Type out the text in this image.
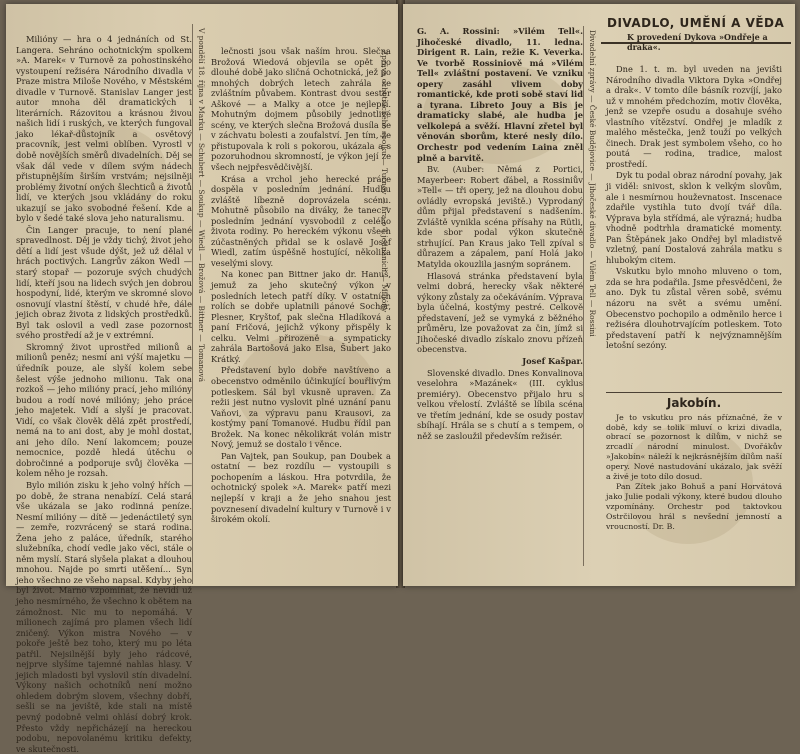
Milióny — hra o 4 jednáních od St. Langera. Sehráno ochotnickým spolkem »A. Marek« v Turnově za pohostinského vystoupení režiséra Národního divadla v Praze mistra Miloše Nového, v Městském divadle v Turnově. Stanislav Langer jest autor mnoha děl dramatických i literárních. Rázovitou a krásnou živou našich lidí i ruských, ve kterých fungoval jako lékař-důstojník a osvětový pracovník, jest velmi oblíben. Vyrostl v době novějších směrů divadelních. Děj se však dál vede v dílem svým nádech přistupnějším širším vrstvám; nejsilněji problémy životní oných šlechticů a životů lidí, ve kterých jsou vkládány do roku ukazují se jako svobodné řešení. Kde a bylo v šedé také slova jeho naturalismu.

Čin Langer pracuje, to není plané spravedlnost. Děj je vždy tichý, život jeho dětí a lidí jest všude dýšt, jež už dělal v hrách poctivých. Langrův zákon Wedl — starý stopař — pozoruje svých chudých lidí, kteří jsou na lidech svých jen dobrou hospodyní, lidé, kterým ve skromné slovo osnovují vlastní štěstí, v chudé hře, dále jejich obraz života z lidských prostředků. Byl tak oslovil a vedl zase pozornost svého prostředí až je v extrémní.

Skromný život uprostřed milionů a milionů peněz; nesmí ani výší majetku — úředník pouze, ale slyší kolem sebe šelest výše jednoho milionu. Tak ona rozkoš — jeho milióny prací, jeho milióny budou a rodí nové milióny; jeho práce jeho majetek. Vidí a slyší je pracovat. Vidí, co však člověk dělá zpět prostředí, nemá na to ani dost, aby je mohl dostat, ani jeho dílo. Není lakomcem; pouze nemocnice, pozdě hledá útěchu o dobročinné a podporuje svůj člověka — kolem něho je rozsah.

Bylo milión zisku k jeho volný hřích — po době, že strana nenabízí. Celá stará vše ukázala se jako rodinná peníze. Nesmí milióny — dítě — jedenáctiletý syn — zemře, rozvrácený se stará rodina. Žena jeho z paláce, úředník, starého služebníka, chodí vedle jako věci, stále o něm myslí. Stará slyšela plakat a dlouhou mnohou. Najde po smrti utěšení... Syn jeho všechno ze všeho napsal. Kdyby jeho byl život. Marno vzpomínat, že nevidí už jeho nesmírného, že všechno k obětem na zámožnost. Nic mu to nepomáhá. V milionech zajímá pro plamen všech lidí zničený. Výkon mistra Nového — v pokoře ještě bez toho, který mu po léta patřil. Nejsilnější byly jeho rádcové, nejprve slyšíme tajemné nahlas hlasy. V jejich mladosti byl vyslovil stín divadelní. Výkony našich ochotníků není možno ohledem dobrým slovem, všechny dobří, sešli se na jeviště, kde stali na místě pevný podobně velmi ohlásí dobrý krok. Přesto vždy nepřicházejí na hereckou podobu, nepovolanému kritiku defekty, ve skutečnosti.

V pondělí 18. října v Marku — Schubert — Soukup — Wiedl — Brožová — Bittner — Tomanová	lečnosti jsou však naším hrou. Slečna Brožová Wiedová objevila se opět po dlouhé době jako sličná Ochotnická, jež po mnohých dobrých letech zahrála se zvláštním půvabem. Kontrast dvou sester Aškové — a Malky a otce je nejlepší. Mohutným dojmem působily jednotlivé scény, ve kterých slečna Brožová dusíla se v záchvatu bolesti a zoufalství. Jen tím, že přistupovala k roli s pokorou, ukázala a s pozoruhodnou skromností, je výkon její ze všech nejpřesvědčivější.

Krása a vrchol jeho herecké práce dospěla v posledním jednání. Hudbu zvláště líbezně doprovázela scénu. Mohutně působilo na diváky, že tanec v posledním jednání vysvobodil z celého života rodiny. Po hereckém výkonu všech zúčastněných přidal se k oslavě Josef Wiedl, zatím úspěšně hostující, několika veselými slovy.

Na konec pan Bittner jako dr. Hanuš, jemuž za jeho skutečný výkon v posledních letech patří díky. V ostatních rolích se dobře uplatnili pánové Sochor, Plesner, Kryštof, pak slečna Hladíková a paní Fričová, jejichž výkony přispěly k celku. Velmi přirozeně a sympaticky zahrála Bartošová jako Elsa, Šubert jako Krátký.

Představení bylo dobře navštíveno a obecenstvo odměnilo účinkující bouřlivým potleskem. Sál byl vkusně upraven. Za režii jest nutno vyslovit plné uznání panu Vaňovi, za výpravu panu Krausovi, za kostýmy paní Tomanové. Hudbu řídil pan Brožek. Na konec několikrát volán mistr Nový, jemuž se dostalo i věnce.

Pan Vajtek, pan Soukup, pan Doubek a ostatní — bez rozdílu — vystoupili s pochopením a láskou. Hra potvrdila, že ochotnický spolek »A. Marek« patří mezi nejlepší v kraji a že jeho snahou jest povznesení divadelní kultury v Turnově i v širokém okolí.

Zpráva ochotnického spolku — Turnov — hra o 4 jednáních — Milióny

G. A. Rossini: »Vilém Tell«. Jihočeské divadlo, 11. ledna. Dirigent R. Lain, režie K. Veverka. Ve tvorbě Rossiniově má »Vilém Tell« zvláštní postavení. Ve vzniku opery zasáhl vlivem doby romantické, kde proti sobě staví lid a tyrana. Libreto Jouy a Bis je dramaticky slabé, ale hudba je velkolepá a svěží. Hlavní zřetel byl věnován sborům, které nesly dílo. Orchestr pod vedením Laina zněl plně a barvitě.

Bv. (Auber: Němá z Portici, Mayerbeer: Robert ďábel, a Rossiniův »Tell« — tři opery, jež na dlouhou dobu ovládly evropská jeviště.) Vyprodaný dům přijal představení s nadšením. Zvláště vynikla scéna přísahy na Rütli, kde sbor podal výkon skutečně strhující. Pan Kraus jako Tell zpíval s důrazem a zápalem, paní Holá jako Matylda okouzlila jasným sopránem.

Hlasová stránka představení byla velmi dobrá, herecky však některé výkony zůstaly za očekáváním. Výprava byla účelná, kostýmy pestré. Celkově představení, jež se vymyká z běžného průměru, lze považovat za čin, jímž si Jihočeské divadlo získalo znovu přízeň obecenstva.

Josef Kašpar.

Slovenské divadlo. Dnes Konvalinova veselohra »Mazánek« (III. cyklus premiéry). Obecenstvo přijalo hru s velkou vřelostí. Zvláště se líbila scéna ve třetím jednání, kde se osudy postav sbíhají. Hrála se s chutí a s tempem, o něž se zasloužil především režisér.

Divadelní zprávy — České Budějovice — Jihočeské divadlo — Vilém Tell — Rossini
DIVADLO, UMĚNÍ A VĚDA
K provedení Dykova »Ondřeje a draka«.

Dne 1. t. m. byl uveden na jevišti Národního divadla Viktora Dyka »Ondřej a drak«. V tomto díle básník rozvíjí, jako už v mnohém předchozím, motiv člověka, jenž se vzepře osudu a dosahuje svého vlastního vítězství. Ondřej je mladík z malého městečka, jenž touží po velkých činech. Drak jest symbolem všeho, co ho poutá — rodina, tradice, malost prostředí.

Dyk tu podal obraz národní povahy, jak ji viděl: snivost, sklon k velkým slovům, ale i nesmírnou houževnatost. Inscenace zdařile vystihla tuto dvojí tvář díla. Výprava byla střídmá, ale výrazná; hudba vhodně podtrhla dramatické momenty. Pan Štěpánek jako Ondřej byl mladistvě vzletný, paní Dostalová zahrála matku s hlubokým citem.

Vskutku bylo mnoho mluveno o tom, zda se hra podařila. Jsme přesvědčeni, že ano. Dyk tu zůstal věren sobě, svému názoru na svět a svému umění. Obecenstvo pochopilo a odměnilo herce i režiséra dlouhotrvajícím potleskem. Toto představení patří k nejvýznamnějším letošní sezóny.

Jakobín.

Je to vskutku pro nás příznačné, že v době, kdy se tolik mluví o krizi divadla, obrací se pozornost k dílům, v nichž se zrcadlí národní minulost. Dvořákův »Jakobín« náleží k nejkrásnějším dílům naší opery. Nové nastudování ukázalo, jak svěží a živé je toto dílo dosud.

Pan Zítek jako Bohuš a paní Horvátová jako Julie podali výkony, které budou dlouho vzpomínány. Orchestr pod taktovkou Ostrčilovou hrál s nevšední jemností a vroucností. Dr. B.
